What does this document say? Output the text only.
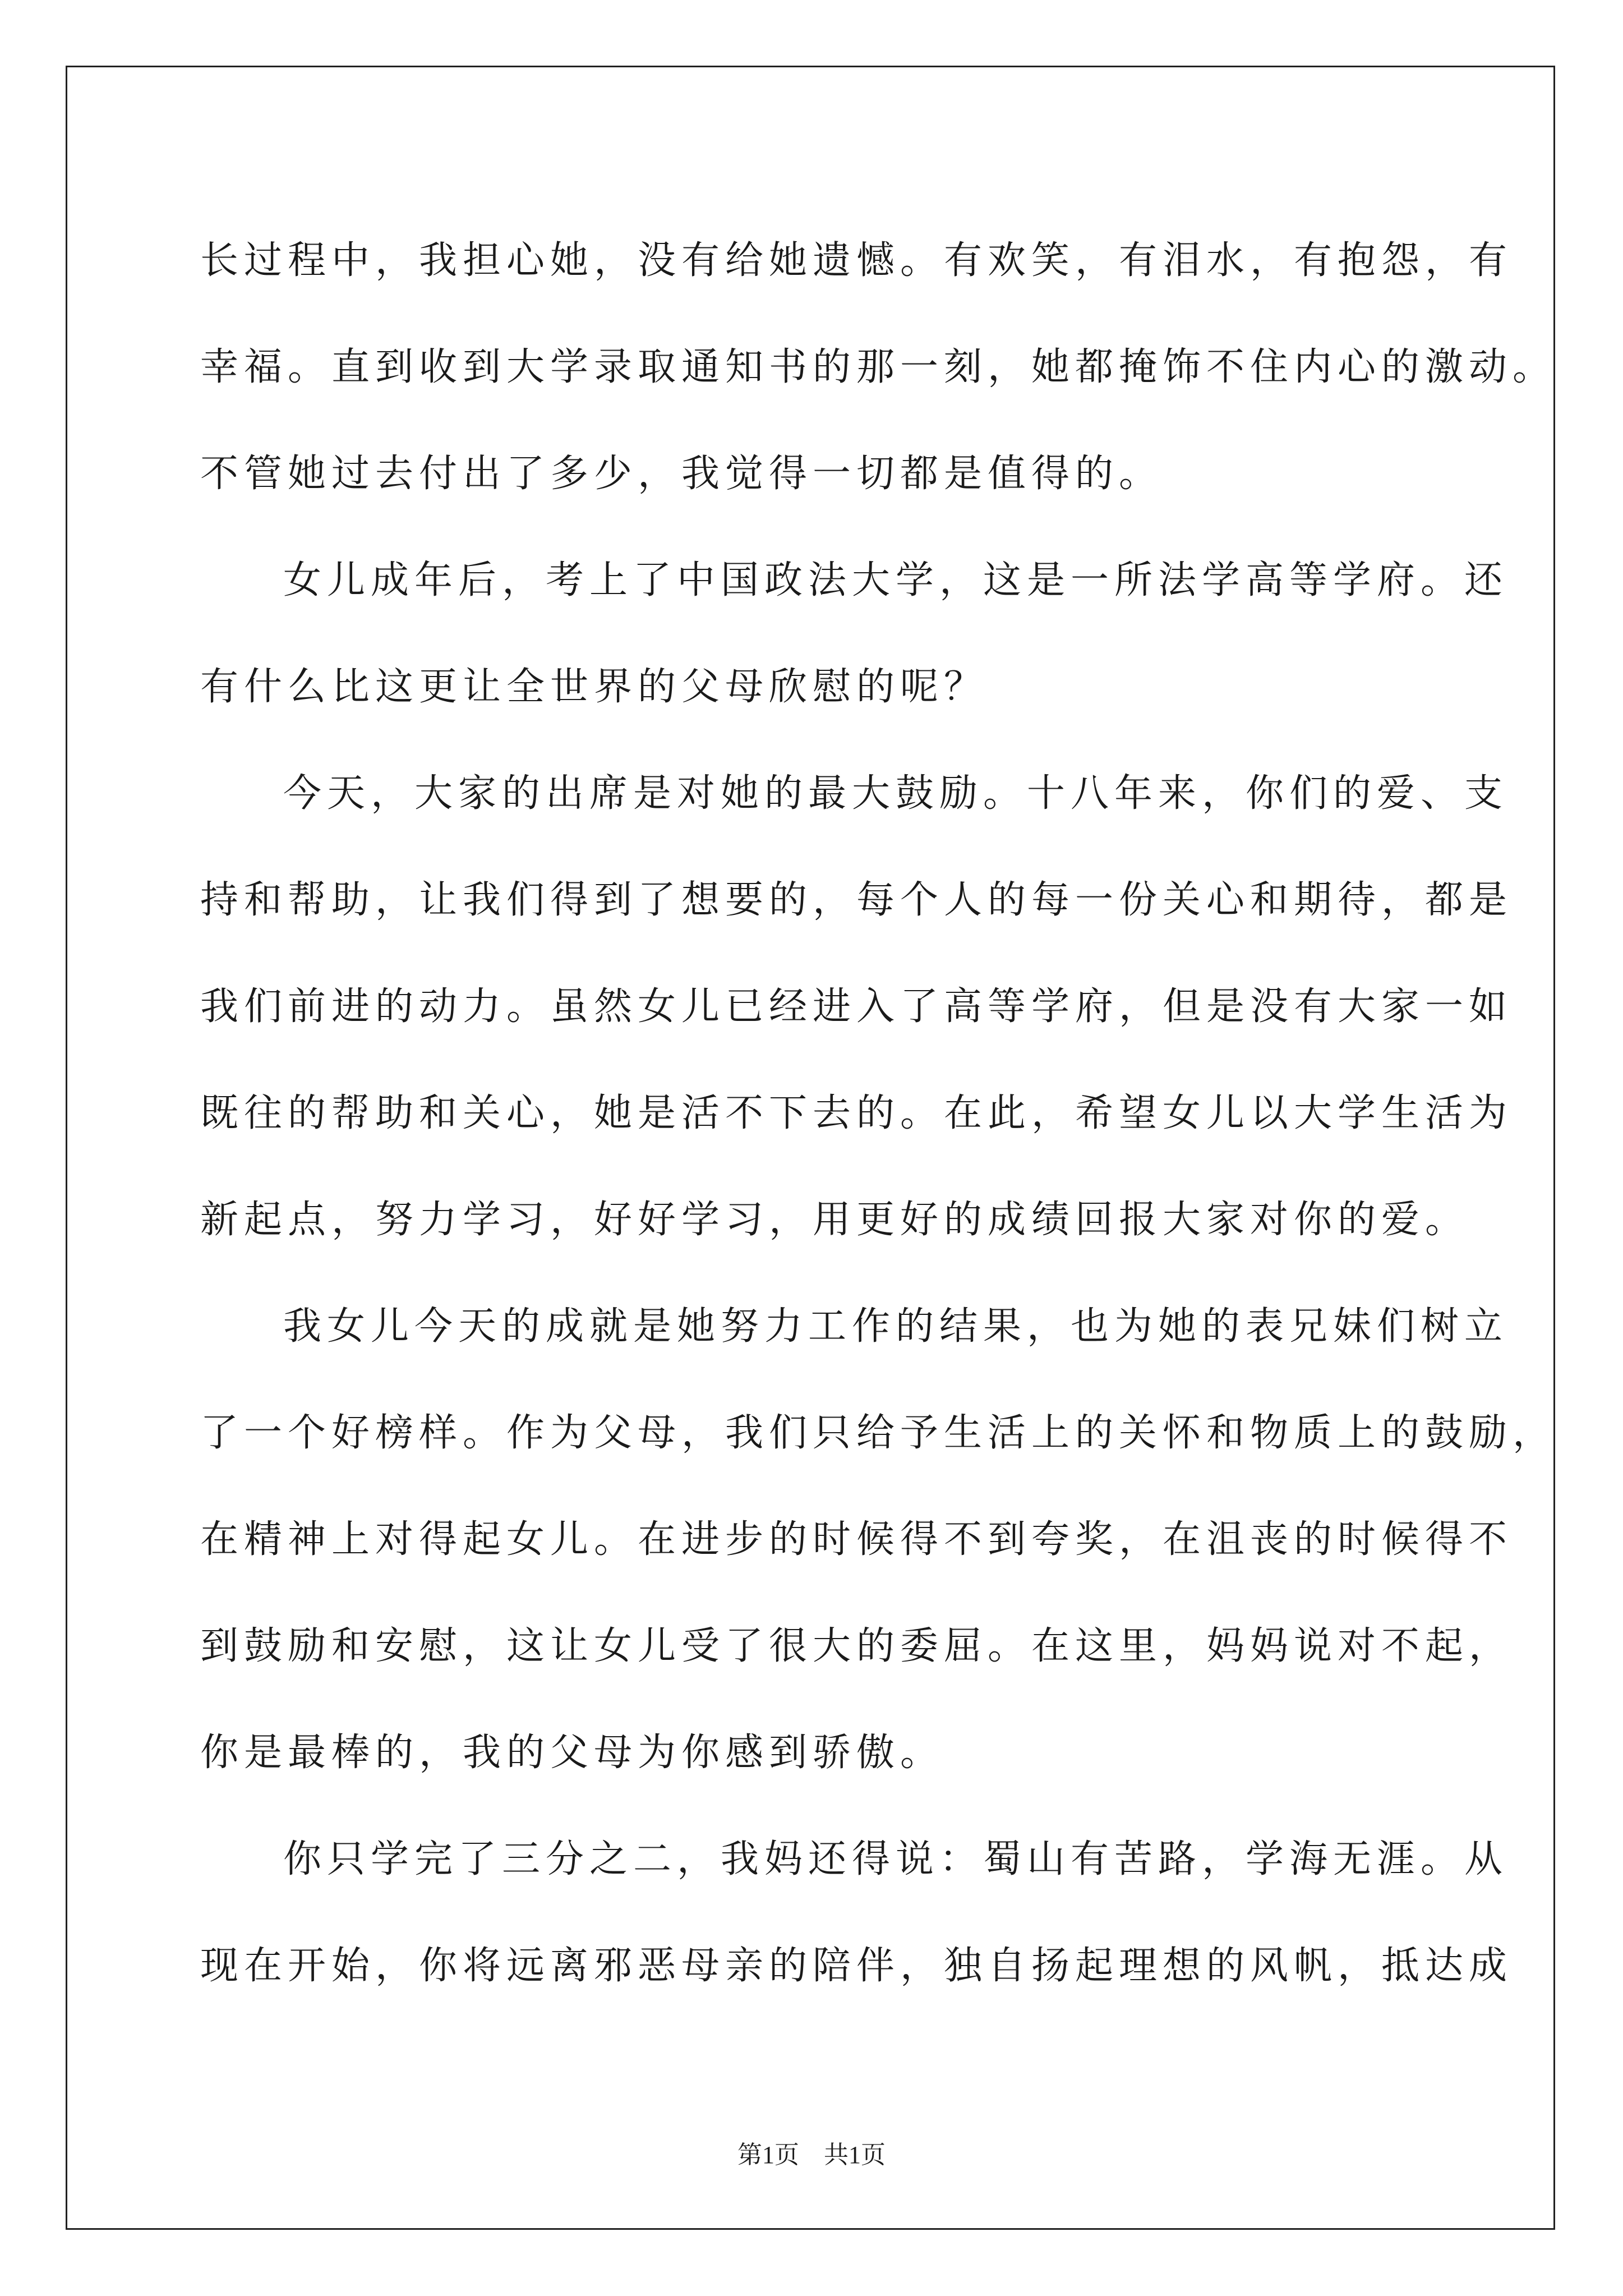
长过程中，我担心她，没有给她遗憾。有欢笑，有泪水，有抱怨，有
幸福。直到收到大学录取通知书的那一刻，她都掩饰不住内心的激动。
不管她过去付出了多少，我觉得一切都是值得的。

女儿成年后，考上了中国政法大学，这是一所法学高等学府。还
有什么比这更让全世界的父母欣慰的呢？

今天，大家的出席是对她的最大鼓励。十八年来，你们的爱、支
持和帮助，让我们得到了想要的，每个人的每一份关心和期待，都是
我们前进的动力。虽然女儿已经进入了高等学府，但是没有大家一如
既往的帮助和关心，她是活不下去的。在此，希望女儿以大学生活为
新起点，努力学习，好好学习，用更好的成绩回报大家对你的爱。

我女儿今天的成就是她努力工作的结果，也为她的表兄妹们树立
了一个好榜样。作为父母，我们只给予生活上的关怀和物质上的鼓励，
在精神上对得起女儿。在进步的时候得不到夸奖，在沮丧的时候得不
到鼓励和安慰，这让女儿受了很大的委屈。在这里，妈妈说对不起，
你是最棒的，我的父母为你感到骄傲。

你只学完了三分之二，我妈还得说：蜀山有苦路，学海无涯。从
现在开始，你将远离邪恶母亲的陪伴，独自扬起理想的风帆，抵达成

第1页　共1页
